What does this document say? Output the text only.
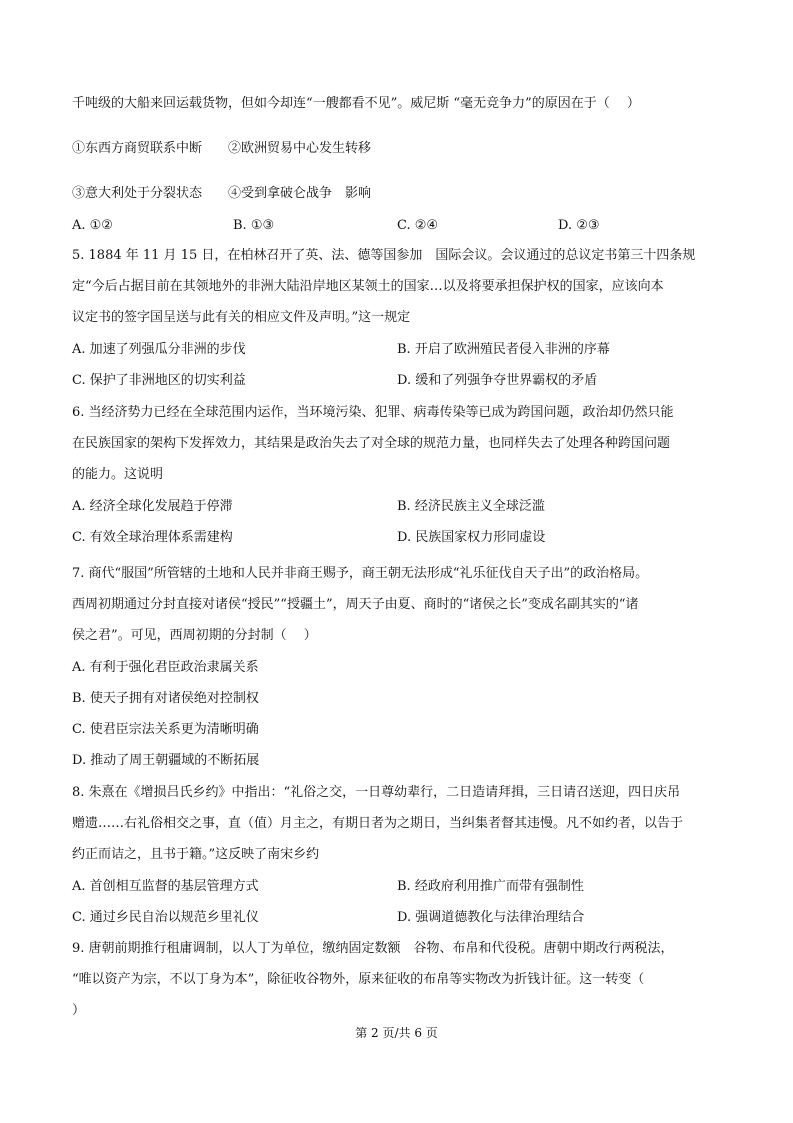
千吨级的大船来回运载货物，但如今却连“一艘都看不见”。威尼斯 “毫无竞争力”的原因在于（　 ）
①东西方商贸联系中断　　②欧洲贸易中心发生转移
③意大利处于分裂状态　　④受到拿破仑战争　影响
A. ①②	B. ①③	C. ②④	D. ②③
5. 1884 年 11 月 15 日，在柏林召开了英、法、德等国参加　国际会议。会议通过的总议定书第三十四条规
定“今后占据目前在其领地外的非洲大陆沿岸地区某领土的国家…以及将要承担保护权的国家，应该向本
议定书的签字国呈送与此有关的相应文件及声明。”这一规定
A. 加速了列强瓜分非洲的步伐	B. 开启了欧洲殖民者侵入非洲的序幕
C. 保护了非洲地区的切实利益	D. 缓和了列强争夺世界霸权的矛盾
6. 当经济势力已经在全球范围内运作，当环境污染、犯罪、病毒传染等已成为跨国问题，政治却仍然只能
在民族国家的架构下发挥效力，其结果是政治失去了对全球的规范力量，也同样失去了处理各种跨国问题
的能力。这说明
A. 经济全球化发展趋于停滞	B. 经济民族主义全球泛滥
C. 有效全球治理体系需建构	D. 民族国家权力形同虚设
7. 商代“服国”所管辖的土地和人民并非商王赐予，商王朝无法形成“礼乐征伐自天子出”的政治格局。
西周初期通过分封直接对诸侯“授民”“授疆土”，周天子由夏、商时的“诸侯之长”变成名副其实的“诸
侯之君”。可见，西周初期的分封制（　 ）
A. 有利于强化君臣政治隶属关系
B. 使天子拥有对诸侯绝对控制权
C. 使君臣宗法关系更为清晰明确
D. 推动了周王朝疆域的不断拓展
8. 朱熹在《增损吕氏乡约》中指出：“礼俗之交，一日尊幼辈行，二日造请拜揖，三日请召送迎，四日庆吊
赠遗……右礼俗相交之事，直（值）月主之，有期日者为之期日，当纠集者督其违慢。凡不如约者，以告于
约正而诘之，且书于籍。”这反映了南宋乡约
A. 首创相互监督的基层管理方式	B. 经政府利用推广而带有强制性
C. 通过乡民自治以规范乡里礼仪	D. 强调道德教化与法律治理结合
9. 唐朝前期推行租庸调制，以人丁为单位，缴纳固定数额　谷物、布帛和代役税。唐朝中期改行两税法，
“唯以资产为宗，不以丁身为本”，除征收谷物外，原来征收的布帛等实物改为折钱计征。这一转变（
）
第 2 页/共 6 页
